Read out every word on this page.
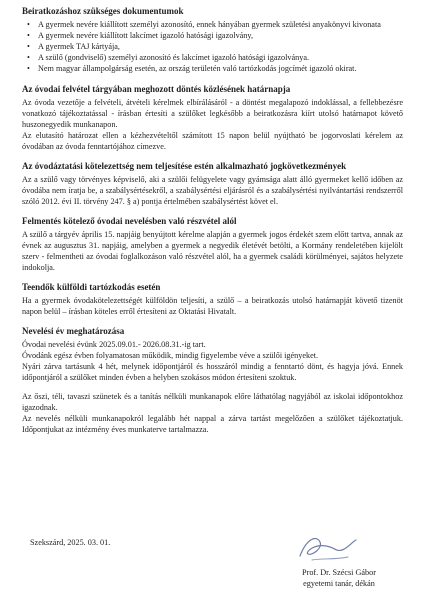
Beiratkozáshoz szükséges dokumentumok
• A gyermek nevére kiállított személyi azonosító, ennek hányában gyermek születési anyakönyvi kivonata
• A gyermek nevére kiállított lakcímet igazoló hatósági igazolvány,
• A gyermek TAJ kártyája,
• A szülő (gondviselő) személyi azonosító és lakcímet igazoló hatósági igazolványa.
• Nem magyar állampolgárság esetén, az ország területén való tartózkodás jogcímét igazoló okirat.
Az óvodai felvétel tárgyában meghozott döntés közlésének határnapja

Az óvoda vezetője a felvételi, átvételi kérelmek elbírálásáról - a döntést megalapozó indoklással, a fellebbezésre vonatkozó tájékoztatással - írásban értesíti a szülőket legkésőbb a beiratkozásra kiírt utolsó határnapot követő huszonegyedik munkanapon.

Az elutasító határozat ellen a kézhezvételtől számított 15 napon belül nyújtható be jogorvoslati kérelem az óvodában az óvoda fenntartójához címezve.

Az óvodáztatási kötelezettség nem teljesítése estén alkalmazható jogkövetkezmények

Az a szülő vagy törvényes képviselő, aki a szülői felügyelete vagy gyámsága alatt álló gyermeket kellő időben az óvodába nem íratja be, a szabálysértésekről, a szabálysértési eljárásról és a szabálysértési nyilvántartási rendszerről szóló 2012. évi II. törvény 247. § a) pontja értelmében szabálysértést követ el.

Felmentés kötelező óvodai nevelésben való részvétel alól

A szülő a tárgyév április 15. napjáig benyújtott kérelme alapján a gyermek jogos érdekét szem előtt tartva, annak az évnek az augusztus 31. napjáig, amelyben a gyermek a negyedik életévét betölti, a Kormány rendeletében kijelölt szerv - felmentheti az óvodai foglalkozáson való részvétel alól, ha a gyermek családi körülményei, sajátos helyzete indokolja.

Teendők külföldi tartózkodás esetén

Ha a gyermek óvodakötelezettségét külföldön teljesíti, a szülő – a beiratkozás utolsó határnapját követő tizenöt napon belül – írásban köteles erről értesíteni az Oktatási Hivatalt.

Nevelési év meghatározása

Óvodai nevelési évünk 2025.09.01.- 2026.08.31.-ig tart.

Óvodánk egész évben folyamatosan működik, mindig figyelembe véve a szülői igényeket.

Nyári zárva tartásunk 4 hét, melynek időpontjáról és hosszáról mindig a fenntartó dönt, és hagyja jóvá. Ennek időpontjáról a szülőket minden évben a helyben szokásos módon értesíteni szoktuk.

Az őszi, téli, tavaszi szünetek és a tanítás nélküli munkanapok előre láthatólag nagyjából az iskolai időpontokhoz igazodnak.

Az nevelés nélküli munkanapokról legalább hét nappal a zárva tartást megelőzően a szülőket tájékoztatjuk. Időpontjukat az intézmény éves munkaterve tartalmazza.

Szekszárd, 2025. 03. 01.
Prof. Dr. Szécsi Gábor
egyetemi tanár, dékán
